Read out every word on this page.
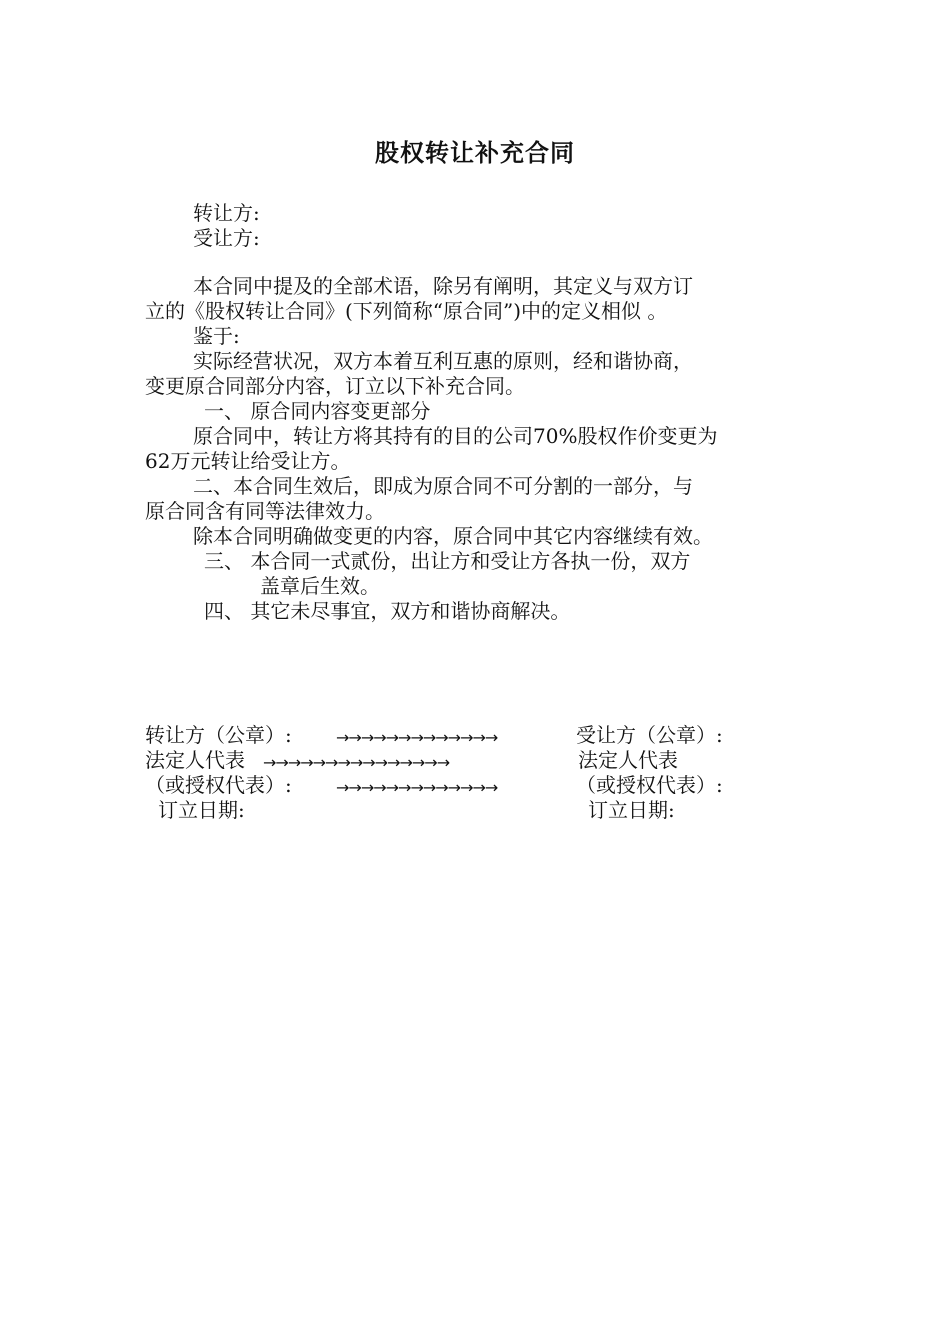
股权转让补充合同
转让方:
受让方:
本合同中提及的全部术语，除另有阐明，其定义与双方订
立的《股权转让合同》(下列简称“原合同”)中的定义相似 。
鉴于:
实际经营状况，双方本着互利互惠的原则，经和谐协商，
变更原合同部分内容，订立以下补充合同。
一、 原合同内容变更部分
原合同中，转让方将其持有的目的公司70%股权作价变更为
62万元转让给受让方。
二、本合同生效后，即成为原合同不可分割的一部分，与
原合同含有同等法律效力。
除本合同明确做变更的内容，原合同中其它内容继续有效。
三、 本合同一式贰份，出让方和受让方各执一份，双方
盖章后生效。
四、 其它未尽事宜，双方和谐协商解决。
转让方（公章）:	→→→→→→→→→→→→→	受让方（公章）:
法定人代表 →→→→→→→→→→→→→→→	法定人代表
（或授权代表）:	→→→→→→→→→→→→→	（或授权代表）:
订立日期:	订立日期:
